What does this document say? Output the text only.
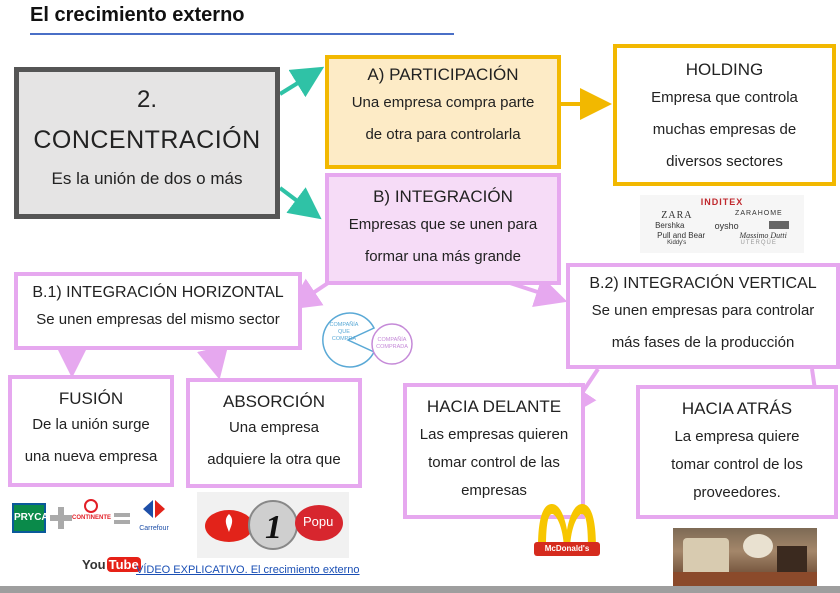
El crecimiento externo
2.
CONCENTRACIÓN
Es la unión de dos o más
A) PARTICIPACIÓN
Una empresa compra parte
de otra para controlarla
HOLDING
Empresa que controla
muchas empresas de
diversos sectores
B) INTEGRACIÓN
Empresas que se unen para
formar una más grande
B.1) INTEGRACIÓN HORIZONTAL
Se unen empresas del mismo sector
B.2) INTEGRACIÓN VERTICAL
Se unen empresas para controlar
más fases de la producción
FUSIÓN
De la unión surge
una nueva empresa
ABSORCIÓN
Una empresa
adquiere la otra que
HACIA DELANTE
Las empresas quieren
tomar control de las
empresas
HACIA ATRÁS
La empresa quiere
tomar control de los
proveedores.
INDITEX
ZARA	ZARAHOME
Bershka	oysho
Pull and Bear	Massimo Dutti
Kiddy's	UTERQÜE
COMPAÑÍA QUE COMPRA	COMPAÑÍA COMPRADA
PRYCA	CONTINENTE
Carrefour	1 Popu
McDonald's
You Tube
VÍDEO EXPLICATIVO. El crecimiento externo
